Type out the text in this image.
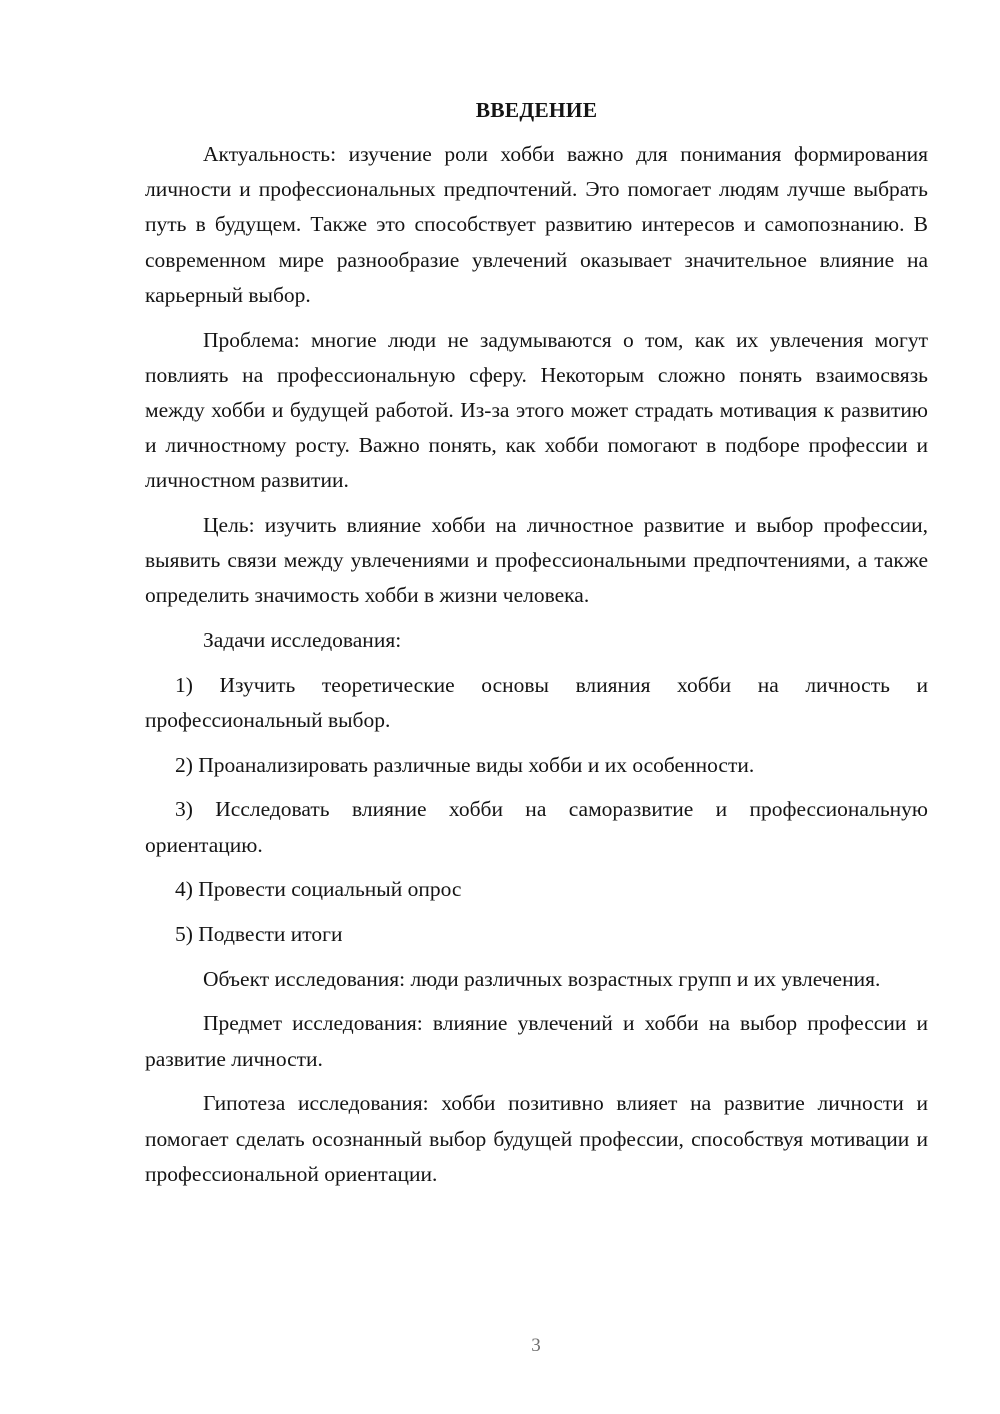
ВВЕДЕНИЕ

Актуальность: изучение роли хобби важно для понимания формирования личности и профессиональных предпочтений. Это помогает людям лучше выбрать путь в будущем. Также это способствует развитию интересов и самопознанию. В современном мире разнообразие увлечений оказывает значительное влияние на карьерный выбор.

Проблема: многие люди не задумываются о том, как их увлечения могут повлиять на профессиональную сферу. Некоторым сложно понять взаимосвязь между хобби и будущей работой. Из-за этого может страдать мотивация к развитию и личностному росту. Важно понять, как хобби помогают в подборе профессии и личностном развитии.

Цель: изучить влияние хобби на личностное развитие и выбор профессии, выявить связи между увлечениями и профессиональными предпочтениями, а также определить значимость хобби в жизни человека.

Задачи исследования:

1) Изучить теоретические основы влияния хобби на личность и профессиональный выбор.

2) Проанализировать различные виды хобби и их особенности.

3) Исследовать влияние хобби на саморазвитие и профессиональную ориентацию.

4) Провести социальный опрос

5) Подвести итоги

Объект исследования: люди различных возрастных групп и их увлечения.

Предмет исследования: влияние увлечений и хобби на выбор профессии и развитие личности.

Гипотеза исследования: хобби позитивно влияет на развитие личности и помогает сделать осознанный выбор будущей профессии, способствуя мотивации и профессиональной ориентации.

3
